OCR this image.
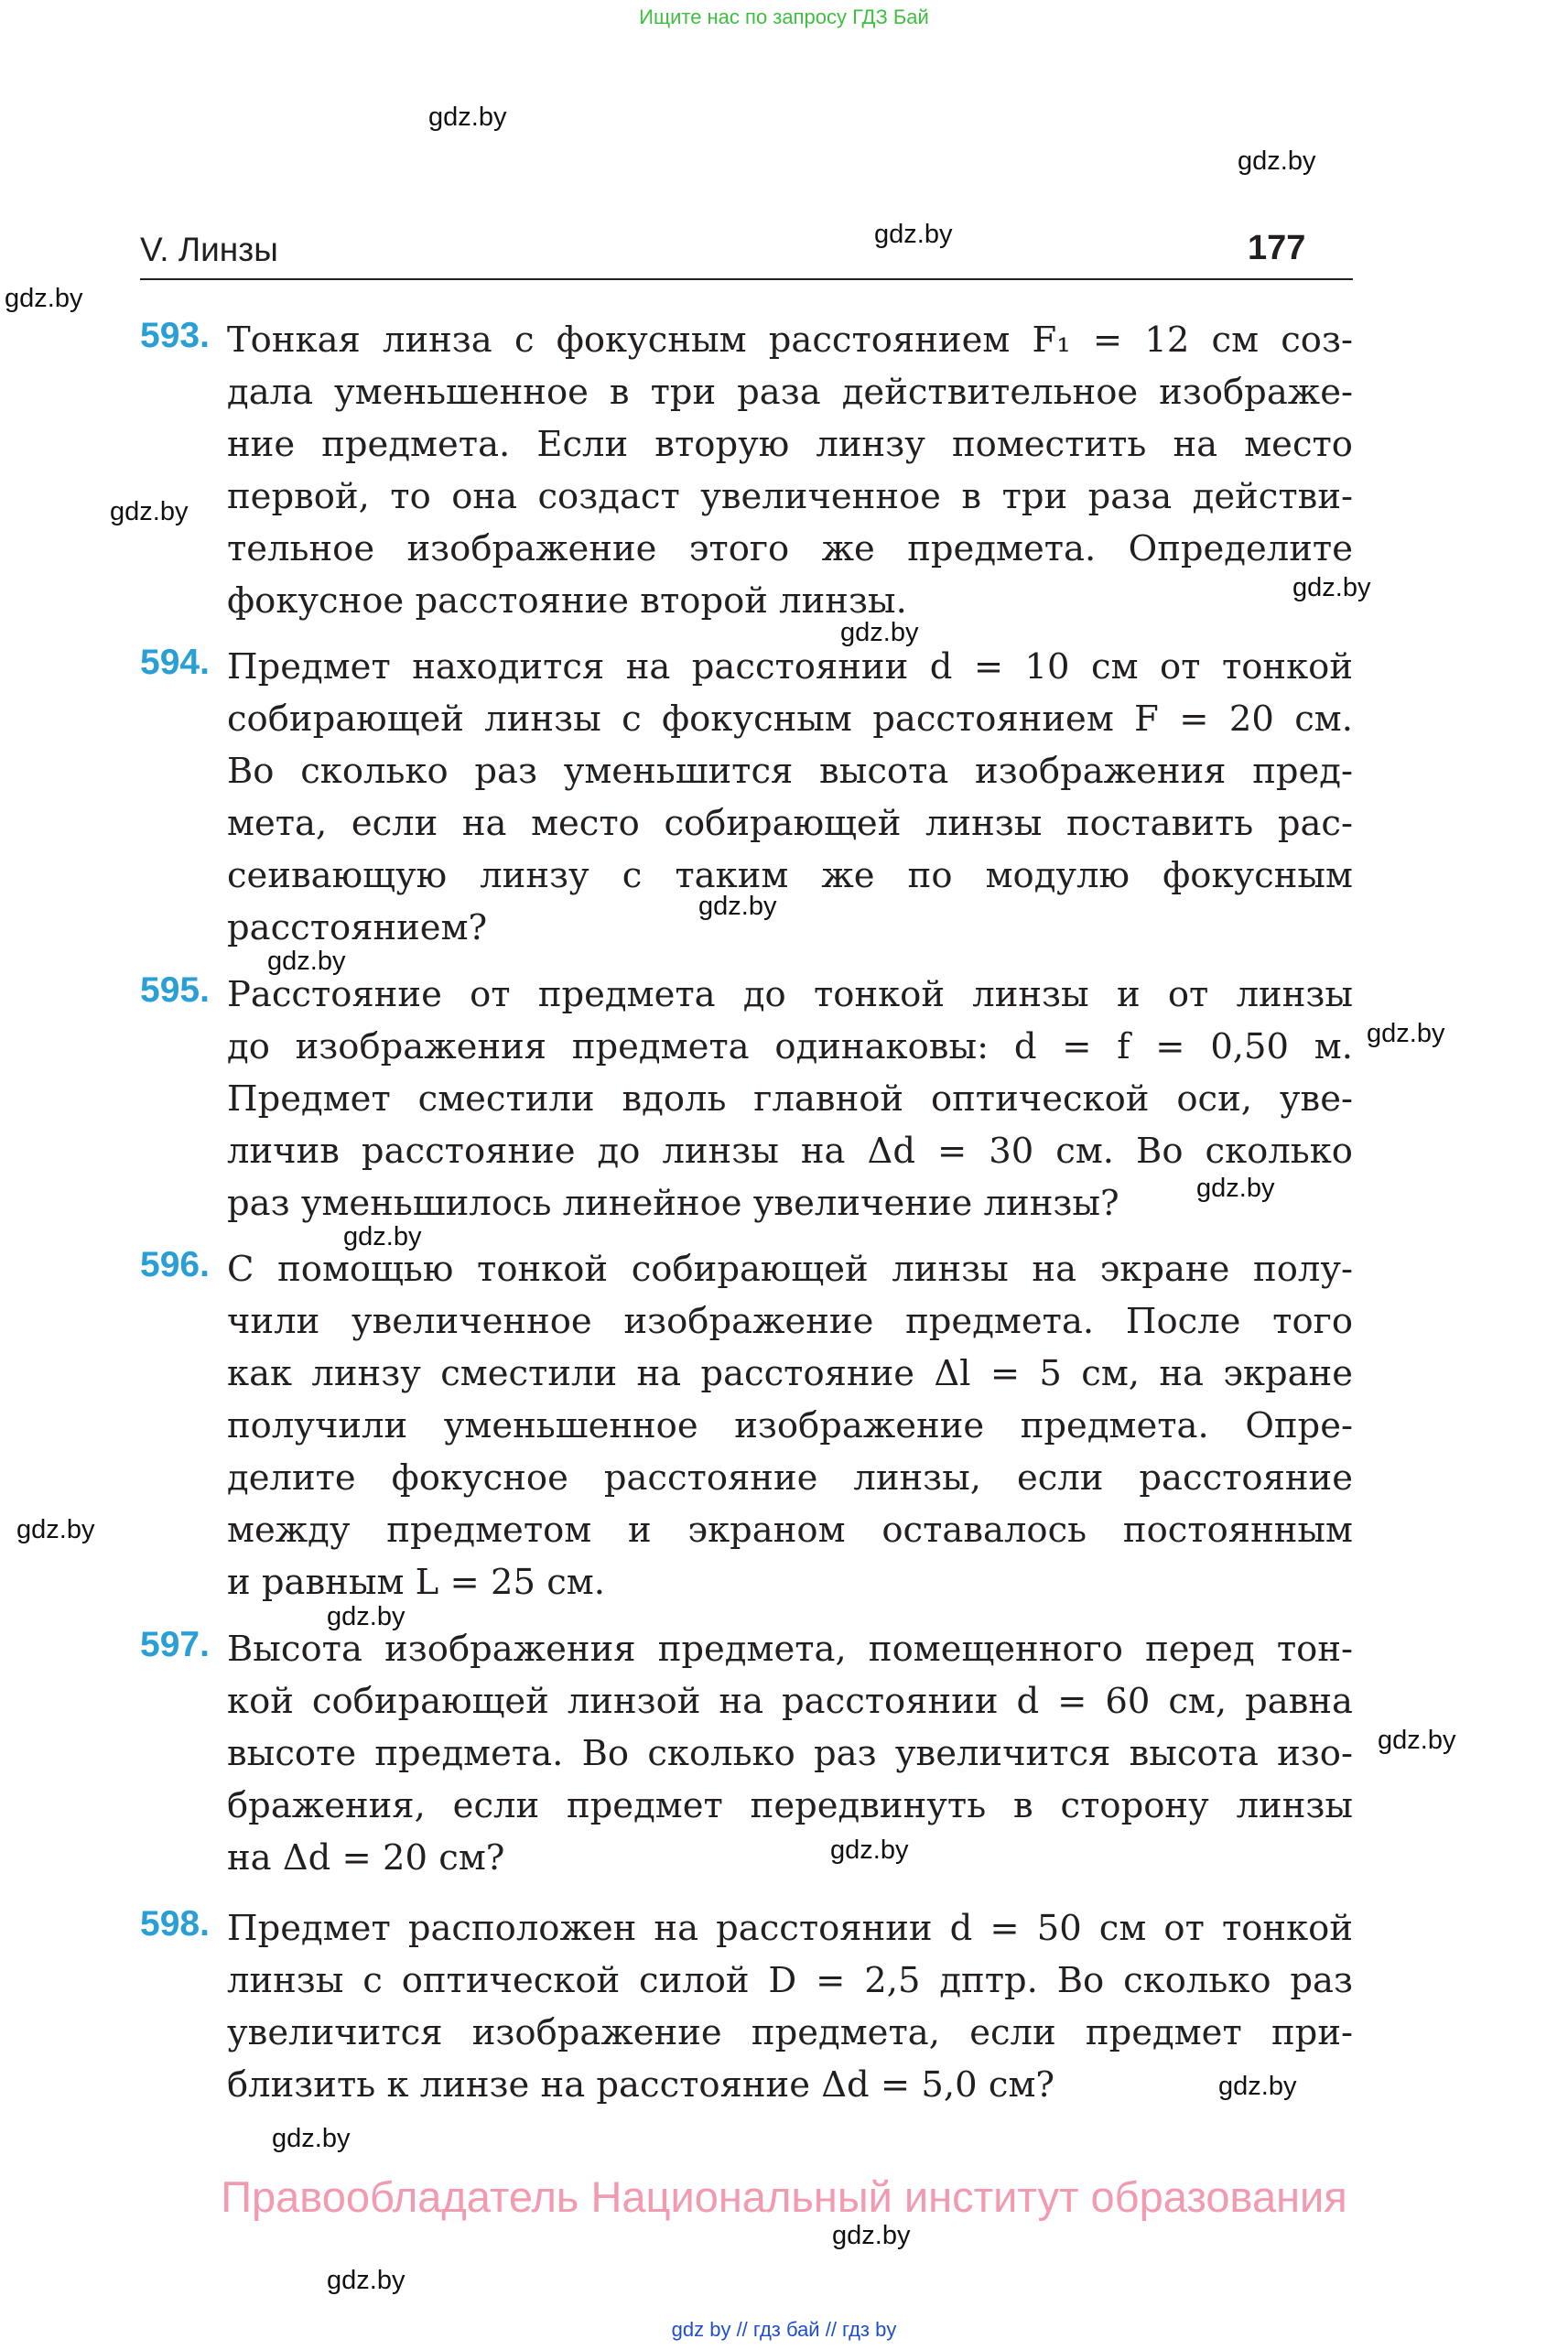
Ищите нас по запросу ГДЗ Бай
gdz.by
gdz.by
gdz.by
gdz.by
gdz.by
gdz.by
gdz.by
gdz.by
gdz.by
gdz.by
gdz.by
gdz.by
gdz.by
gdz.by
gdz.by
gdz.by
gdz.by
gdz.by
gdz.by
gdz.by
V. Линзы	177
593. Тонкая линза с фокусным расстоянием F₁ = 12 см соз-
дала уменьшенное в три раза действительное изображе-
ние предмета. Если вторую линзу поместить на место
первой, то она создаст увеличенное в три раза действи-
тельное изображение этого же предмета. Определите
фокусное расстояние второй линзы.
594. Предмет находится на расстоянии d = 10 см от тонкой
собирающей линзы с фокусным расстоянием F = 20 см.
Во сколько раз уменьшится высота изображения пред-
мета, если на место собирающей линзы поставить рас-
сеивающую линзу с таким же по модулю фокусным
расстоянием?
595. Расстояние от предмета до тонкой линзы и от линзы
до изображения предмета одинаковы: d = f = 0,50 м.
Предмет сместили вдоль главной оптической оси, уве-
личив расстояние до линзы на Δd = 30 см. Во сколько
раз уменьшилось линейное увеличение линзы?
596. С помощью тонкой собирающей линзы на экране полу-
чили увеличенное изображение предмета. После того
как линзу сместили на расстояние Δl = 5 см, на экране
получили уменьшенное изображение предмета. Опре-
делите фокусное расстояние линзы, если расстояние
между предметом и экраном оставалось постоянным
и равным L = 25 см.
597. Высота изображения предмета, помещенного перед тон-
кой собирающей линзой на расстоянии d = 60 см, равна
высоте предмета. Во сколько раз увеличится высота изо-
бражения, если предмет передвинуть в сторону линзы
на Δd = 20 см?
598. Предмет расположен на расстоянии d = 50 см от тонкой
линзы с оптической силой D = 2,5 дптр. Во сколько раз
увеличится изображение предмета, если предмет при-
близить к линзе на расстояние Δd = 5,0 см?
Правообладатель Национальный институт образования
gdz by // гдз бай // гдз by
